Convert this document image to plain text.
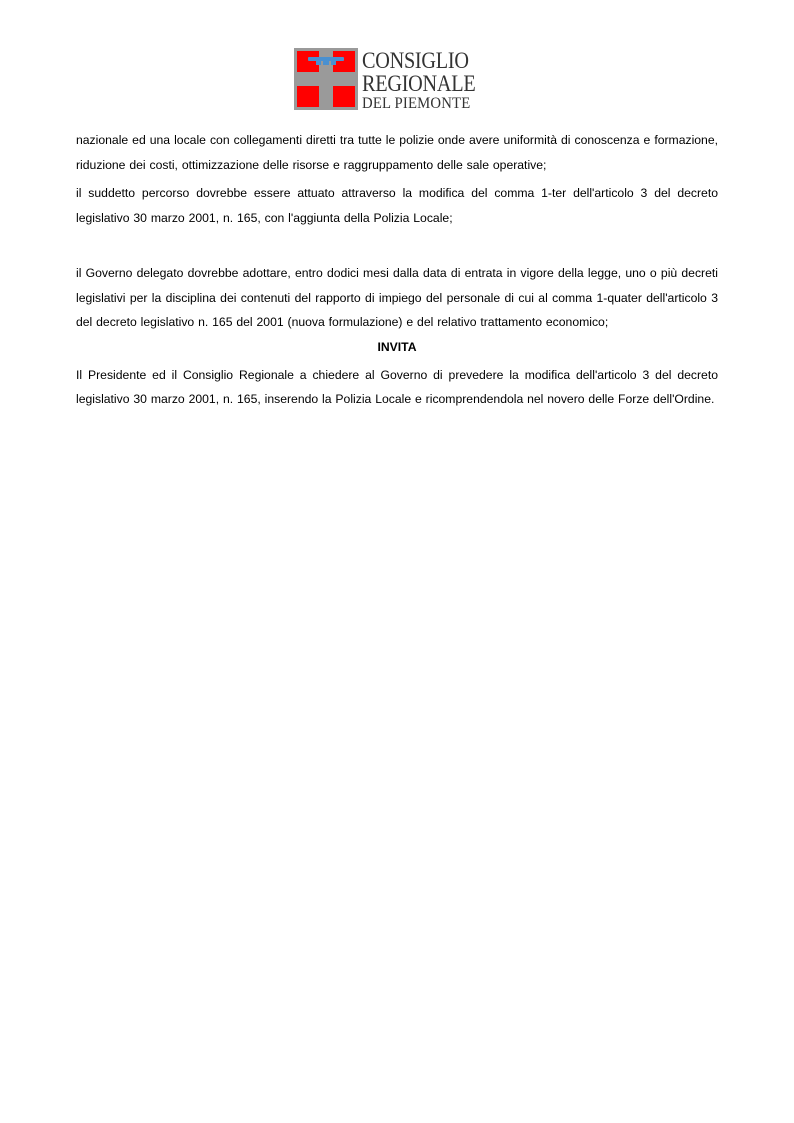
CONSIGLIO
REGIONALE
DEL PIEMONTE

nazionale ed una locale con collegamenti diretti tra tutte le polizie onde avere uniformità di conoscenza e formazione, riduzione dei costi, ottimizzazione delle risorse e raggruppamento delle sale operative;

il suddetto percorso dovrebbe essere attuato attraverso la modifica del comma 1-ter dell'articolo 3 del decreto legislativo 30 marzo 2001, n. 165, con l'aggiunta della Polizia Locale;

il Governo delegato dovrebbe adottare, entro dodici mesi dalla data di entrata in vigore della legge, uno o più decreti legislativi per la disciplina dei contenuti del rapporto di impiego del personale di cui al comma 1-quater dell'articolo 3 del decreto legislativo n. 165 del 2001 (nuova formulazione) e del relativo trattamento economico;

INVITA

Il Presidente ed il Consiglio Regionale a chiedere al Governo di prevedere la modifica dell'articolo 3 del decreto legislativo 30 marzo 2001, n. 165, inserendo la Polizia Locale e ricomprendendola nel novero delle Forze dell'Ordine.
